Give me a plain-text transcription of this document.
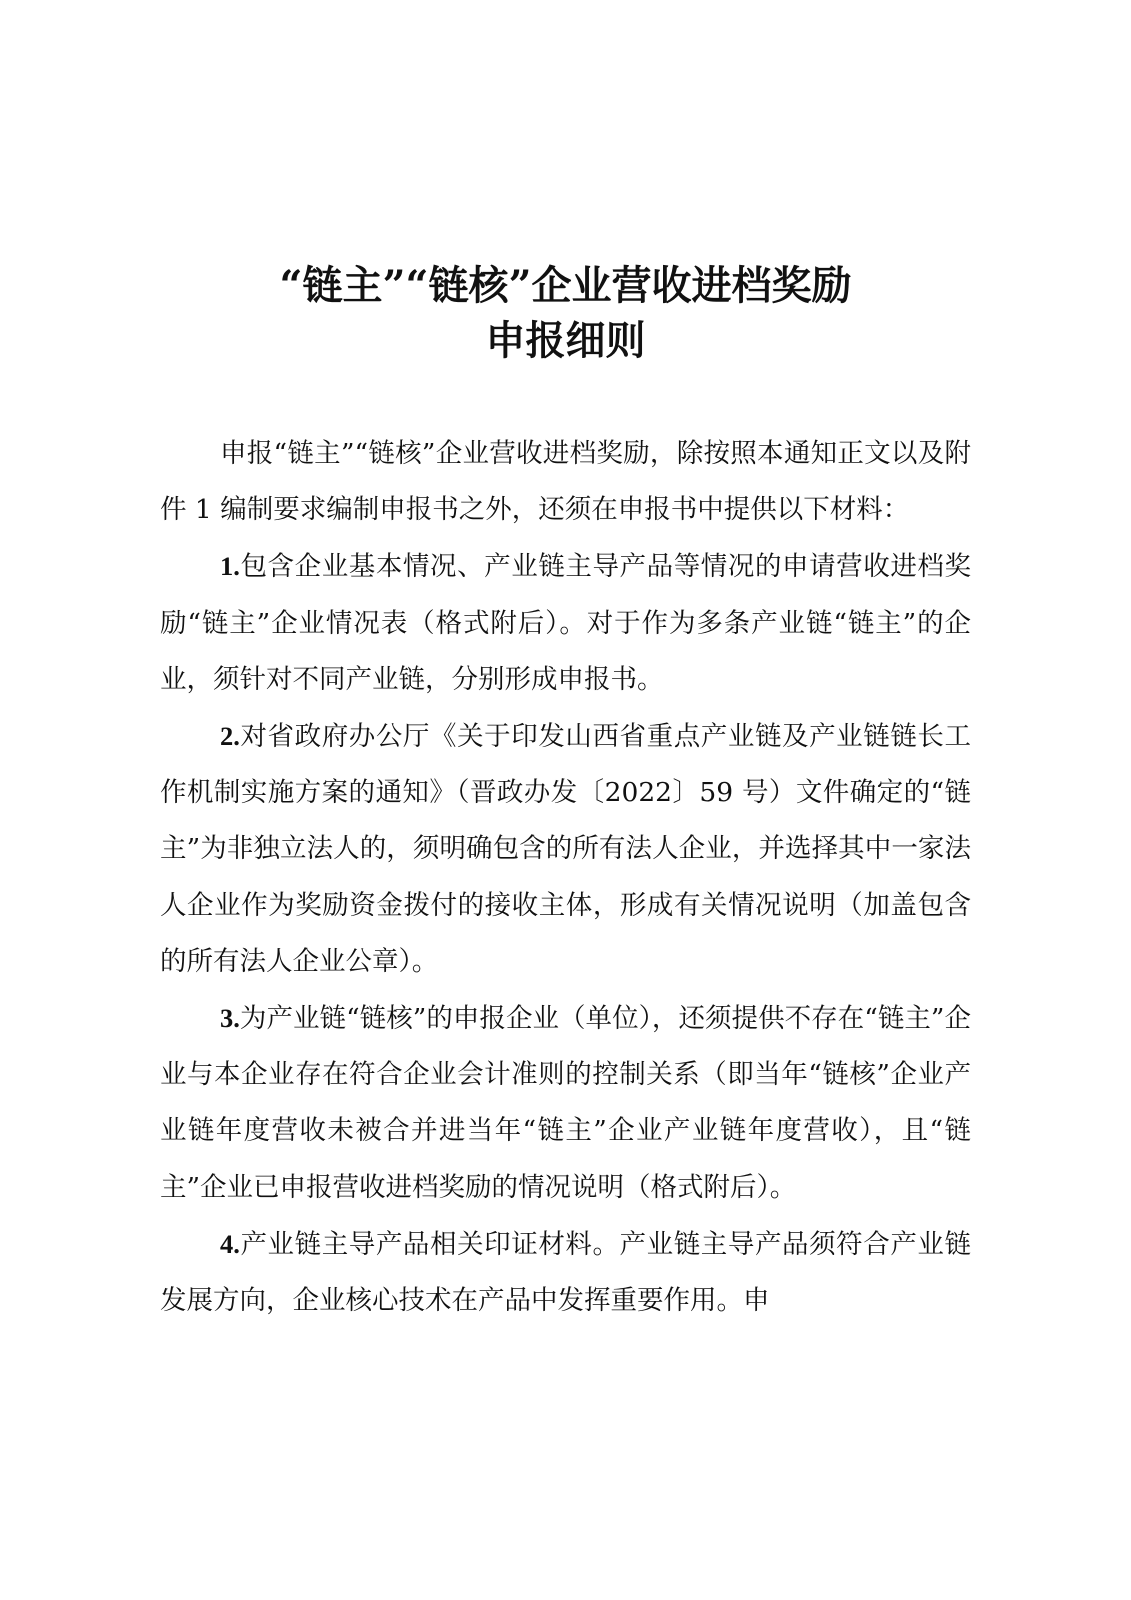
“链主”“链核”企业营收进档奖励
申报细则

申报“链主”“链核”企业营收进档奖励，除按照本通知正文以及附件 1 编制要求编制申报书之外，还须在申报书中提供以下材料：

1.包含企业基本情况、产业链主导产品等情况的申请营收进档奖励“链主”企业情况表（格式附后）。对于作为多条产业链“链主”的企业，须针对不同产业链，分别形成申报书。

2.对省政府办公厅《关于印发山西省重点产业链及产业链链长工作机制实施方案的通知》（晋政办发〔2022〕59 号）文件确定的“链主”为非独立法人的，须明确包含的所有法人企业，并选择其中一家法人企业作为奖励资金拨付的接收主体，形成有关情况说明（加盖包含的所有法人企业公章）。

3.为产业链“链核”的申报企业（单位），还须提供不存在“链主”企业与本企业存在符合企业会计准则的控制关系（即当年“链核”企业产业链年度营收未被合并进当年“链主”企业产业链年度营收），且“链主”企业已申报营收进档奖励的情况说明（格式附后）。

4.产业链主导产品相关印证材料。产业链主导产品须符合产业链发展方向，企业核心技术在产品中发挥重要作用。申
